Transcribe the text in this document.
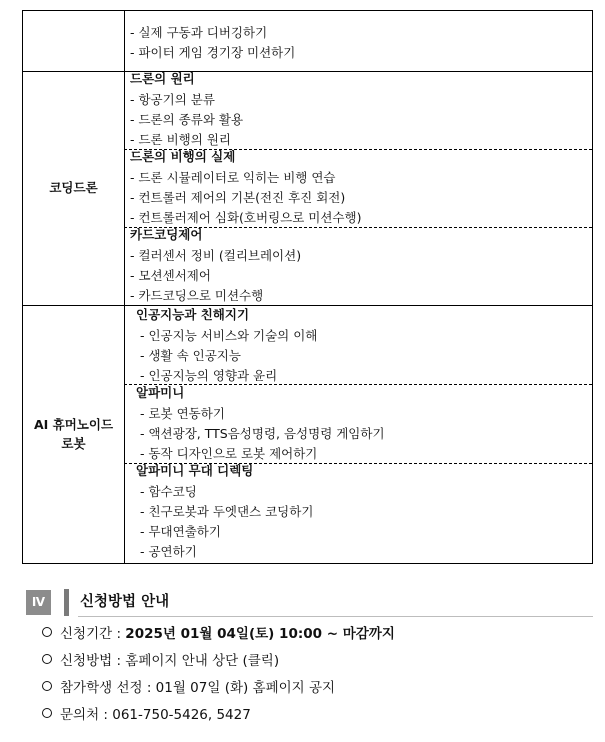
- 실제 구동과 디버깅하기
- 파이터 게임 경기장 미션하기
코딩드론
드론의 원리
- 항공기의 분류
- 드론의 종류와 활용
- 드론 비행의 원리
드론의 비행의 실제
- 드론 시뮬레이터로 익히는 비행 연습
- 컨트롤러 제어의 기본(전진 후진 회전)
- 컨트롤러제어 심화(호버링으로 미션수행)
카드코딩제어
- 컬러센서 정비 (컬리브레이션)
- 모션센서제어
- 카드코딩으로 미션수행
AI 휴머노이드
로봇
인공지능과 친해지기
- 인공지능 서비스와 기술의 이해
- 생활 속 인공지능
- 인공지능의 영향과 윤리
알파미니
- 로봇 연동하기
- 액션광장, TTS음성명령, 음성명령 게임하기
- 동작 디자인으로 로봇 제어하기
알파미니 무대 디렉팅
- 함수코딩
- 친구로봇과 두엣댄스 코딩하기
- 무대연출하기
- 공연하기
Ⅳ	신청방법 안내
신청기간 : 2025년 01월 04일(토) 10:00 ~ 마감까지
신청방법 : 홈페이지 안내 상단 (클릭)
참가학생 선정 : 01월 07일 (화) 홈페이지 공지
문의처 : 061-750-5426, 5427
